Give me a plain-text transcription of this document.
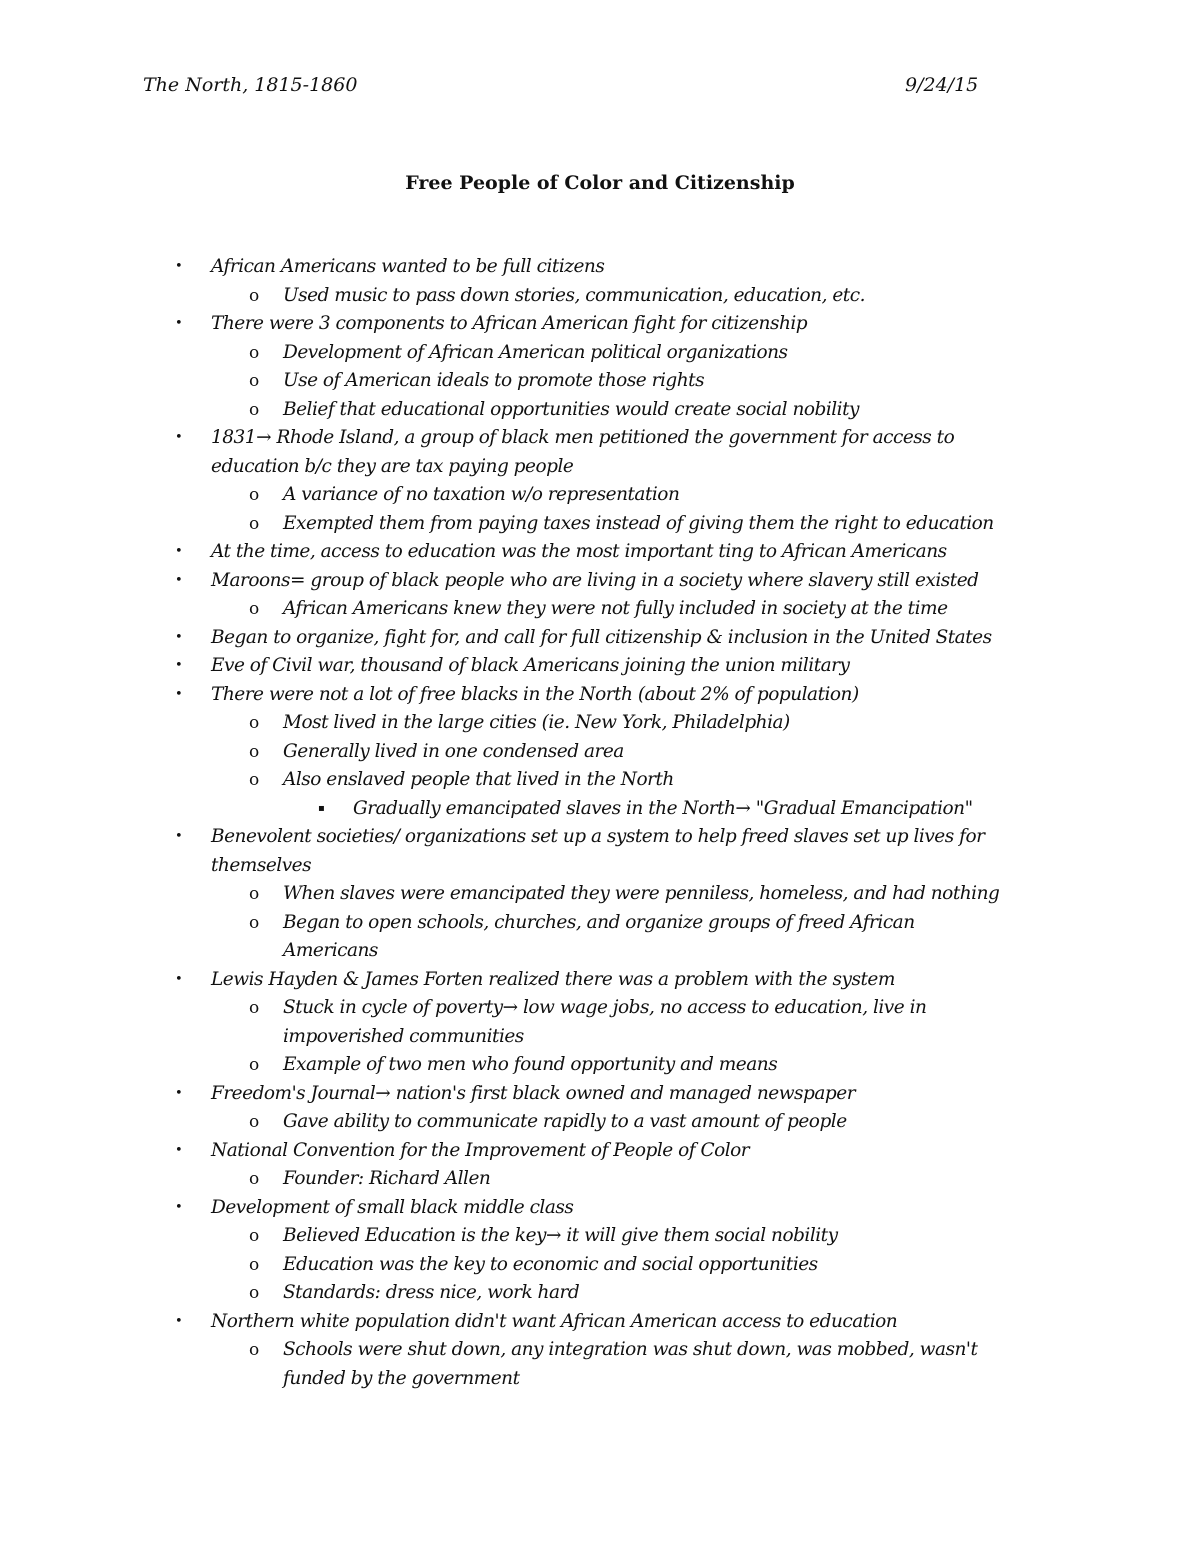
The North, 1815-1860	9/24/15
Free People of Color and Citizenship
• African Americans wanted to be full citizens
o Used music to pass down stories, communication, education, etc.
• There were 3 components to African American fight for citizenship
o Development of African American political organizations
o Use of American ideals to promote those rights
o Belief that educational opportunities would create social nobility
• 1831→ Rhode Island, a group of black men petitioned the government for access to
education b/c they are tax paying people
o A variance of no taxation w/o representation
o Exempted them from paying taxes instead of giving them the right to education
• At the time, access to education was the most important ting to African Americans
• Maroons= group of black people who are living in a society where slavery still existed
o African Americans knew they were not fully included in society at the time
• Began to organize, fight for, and call for full citizenship & inclusion in the United States
• Eve of Civil war, thousand of black Americans joining the union military
• There were not a lot of free blacks in the North (about 2% of population)
o Most lived in the large cities (ie. New York, Philadelphia)
o Generally lived in one condensed area
o Also enslaved people that lived in the North
▪ Gradually emancipated slaves in the North→ "Gradual Emancipation"
• Benevolent societies/ organizations set up a system to help freed slaves set up lives for
themselves
o When slaves were emancipated they were penniless, homeless, and had nothing
o Began to open schools, churches, and organize groups of freed African
Americans
• Lewis Hayden & James Forten realized there was a problem with the system
o Stuck in cycle of poverty→ low wage jobs, no access to education, live in
impoverished communities
o Example of two men who found opportunity and means
• Freedom's Journal→ nation's first black owned and managed newspaper
o Gave ability to communicate rapidly to a vast amount of people
• National Convention for the Improvement of People of Color
o Founder: Richard Allen
• Development of small black middle class
o Believed Education is the key→ it will give them social nobility
o Education was the key to economic and social opportunities
o Standards: dress nice, work hard
• Northern white population didn't want African American access to education
o Schools were shut down, any integration was shut down, was mobbed, wasn't
funded by the government
